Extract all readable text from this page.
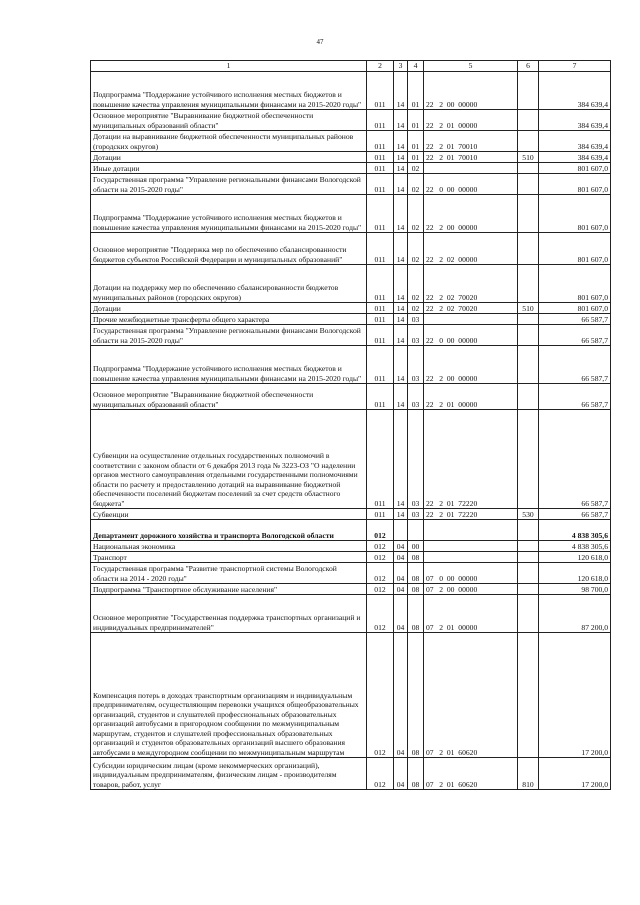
47
1	2	3	4	5	6	7
Подпрограмма "Поддержание устойчивого исполнения местных бюджетов и повышение качества управления муниципальными финансами на 2015-2020 годы"	011	14	01	22   2  00  00000		384 639,4
Основное мероприятие "Выравнивание бюджетной обеспеченности муниципальных образований области"	011	14	01	22   2  01  00000		384 639,4
Дотации на выравнивание бюджетной обеспеченности муниципальных районов (городских округов)	011	14	01	22   2  01  70010		384 639,4
Дотации	011	14	01	22   2  01  70010	510	384 639,4
Иные дотации	011	14	02			801 607,0
Государственная программа "Управление региональными финансами Вологодской области на 2015-2020 годы"	011	14	02	22   0  00  00000		801 607,0
Подпрограмма "Поддержание устойчивого исполнения местных бюджетов и повышение качества управления муниципальными финансами на 2015-2020 годы"	011	14	02	22   2  00  00000		801 607,0
Основное мероприятие "Поддержка мер по обеспечению сбалансированности бюджетов субъектов Российской Федерации и муниципальных образований"	011	14	02	22   2  02  00000		801 607,0
Дотации на поддержку мер по обеспечению сбалансированности бюджетов муниципальных районов (городских округов)	011	14	02	22   2  02  70020		801 607,0
Дотации	011	14	02	22   2  02  70020	510	801 607,0
Прочие межбюджетные трансферты общего характера	011	14	03			66 587,7
Государственная программа "Управление региональными финансами Вологодской области на 2015-2020 годы"	011	14	03	22   0  00  00000		66 587,7
Подпрограмма "Поддержание устойчивого исполнения местных бюджетов и повышение качества управления муниципальными финансами на 2015-2020 годы"	011	14	03	22   2  00  00000		66 587,7
Основное мероприятие "Выравнивание бюджетной обеспеченности муниципальных образований области"	011	14	03	22   2  01  00000		66 587,7
Субвенции на осуществление отдельных государственных полномочий в соответствии с законом области от 6 декабря 2013 года № 3223-ОЗ "О наделении органов местного самоуправления отдельными государственными полномочиями области по расчету и предоставлению дотаций на выравнивание бюджетной обеспеченности поселений бюджетам поселений за счет средств областного бюджета"	011	14	03	22   2  01  72220		66 587,7
Субвенции	011	14	03	22   2  01  72220	530	66 587,7
Департамент дорожного хозяйства и транспорта Вологодской области	012					4 838 305,6
Национальная экономика	012	04	00			4 838 305,6
Транспорт	012	04	08			120 618,0
Государственная программа "Развитие транспортной системы Вологодской области на 2014 - 2020 годы"	012	04	08	07   0  00  00000		120 618,0
Подпрограмма "Транспортное обслуживание населения"	012	04	08	07   2  00  00000		98 700,0
Основное мероприятие "Государственная поддержка транспортных организаций и индивидуальных предпринимателей"	012	04	08	07   2  01  00000		87 200,0
Компенсация потерь в доходах транспортным организациям и индивидуальным предпринимателям, осуществляющим перевозки учащихся общеобразовательных организаций, студентов и слушателей профессиональных образовательных организаций автобусами в пригородном сообщении по межмуниципальным маршрутам, студентов и слушателей профессиональных образовательных организаций и студентов образовательных организаций высшего образования автобусами в междугородном сообщении по межмуниципальным маршрутам	012	04	08	07   2  01  60620		17 200,0
Субсидии юридическим лицам (кроме некоммерческих организаций), индивидуальным предпринимателям, физическим лицам - производителям товаров, работ, услуг	012	04	08	07   2  01  60620	810	17 200,0
